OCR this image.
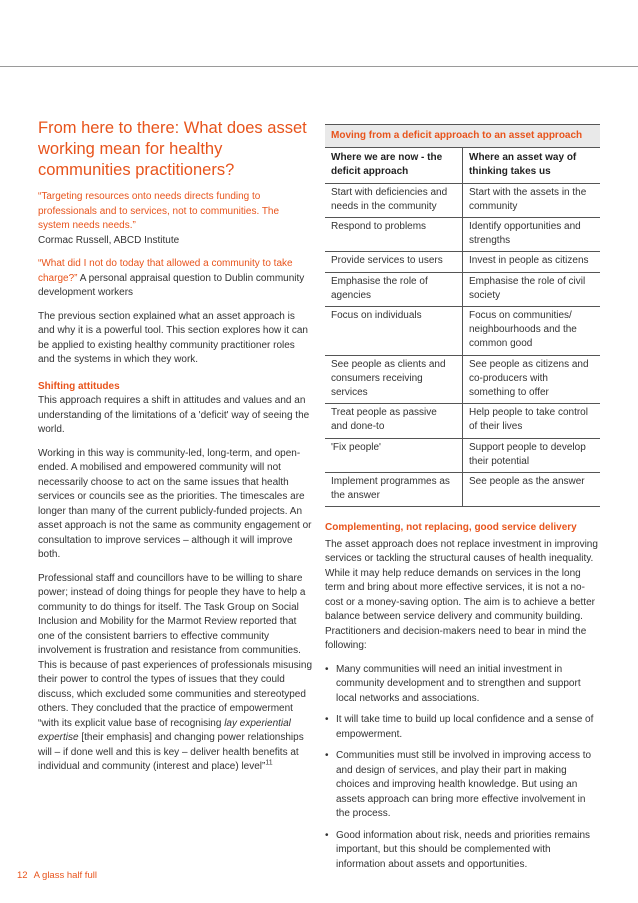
From here to there: What does asset working mean for healthy communities practitioners?

“Targeting resources onto needs directs funding to professionals and to services, not to communities. The system needs needs.”

Cormac Russell, ABCD Institute

“What did I not do today that allowed a community to take charge?” A personal appraisal question to Dublin community development workers

The previous section explained what an asset approach is and why it is a powerful tool. This section explores how it can be applied to existing healthy community practitioner roles and the systems in which they work.

Shifting attitudes

This approach requires a shift in attitudes and values and an understanding of the limitations of a 'deficit' way of seeing the world.

Working in this way is community-led, long-term, and open-ended. A mobilised and empowered community will not necessarily choose to act on the same issues that health services or councils see as the priorities. The timescales are longer than many of the current publicly-funded projects. An asset approach is not the same as community engagement or consultation to improve services – although it will improve both.

Professional staff and councillors have to be willing to share power; instead of doing things for people they have to help a community to do things for itself. The Task Group on Social Inclusion and Mobility for the Marmot Review reported that one of the consistent barriers to effective community involvement is frustration and resistance from communities. This is because of past experiences of professionals misusing their power to control the types of issues that they could discuss, which excluded some communities and stereotyped others. They concluded that the practice of empowerment “with its explicit value base of recognising lay experiential expertise [their emphasis] and changing power relationships will – if done well and this is key – deliver health benefits at individual and community (interest and place) level”$^{11}$

Moving from a deficit approach to an asset approach	
Where we are now - the deficit approach	Where an asset way of thinking takes us
Start with deficiencies and needs in the community	Start with the assets in the community
Respond to problems	Identify opportunities and strengths
Provide services to users	Invest in people as citizens
Emphasise the role of agencies	Emphasise the role of civil society
Focus on individuals	Focus on communities/ neighbourhoods and the common good
See people as clients and consumers receiving services	See people as citizens and co-producers with something to offer
Treat people as passive and done-to	Help people to take control of their lives
'Fix people'	Support people to develop their potential
Implement programmes as the answer	See people as the answer
Complementing, not replacing, good service delivery

The asset approach does not replace investment in improving services or tackling the structural causes of health inequality. While it may help reduce demands on services in the long term and bring about more effective services, it is not a no-cost or a money-saving option. The aim is to achieve a better balance between service delivery and community building. Practitioners and decision-makers need to bear in mind the following:

• Many communities will need an initial investment in community development and to strengthen and support local networks and associations.
• It will take time to build up local confidence and a sense of empowerment.
• Communities must still be involved in improving access to and design of services, and play their part in making choices and improving health knowledge. But using an assets approach can bring more effective involvement in the process.
• Good information about risk, needs and priorities remains important, but this should be complemented with information about assets and opportunities.
12 A glass half full
